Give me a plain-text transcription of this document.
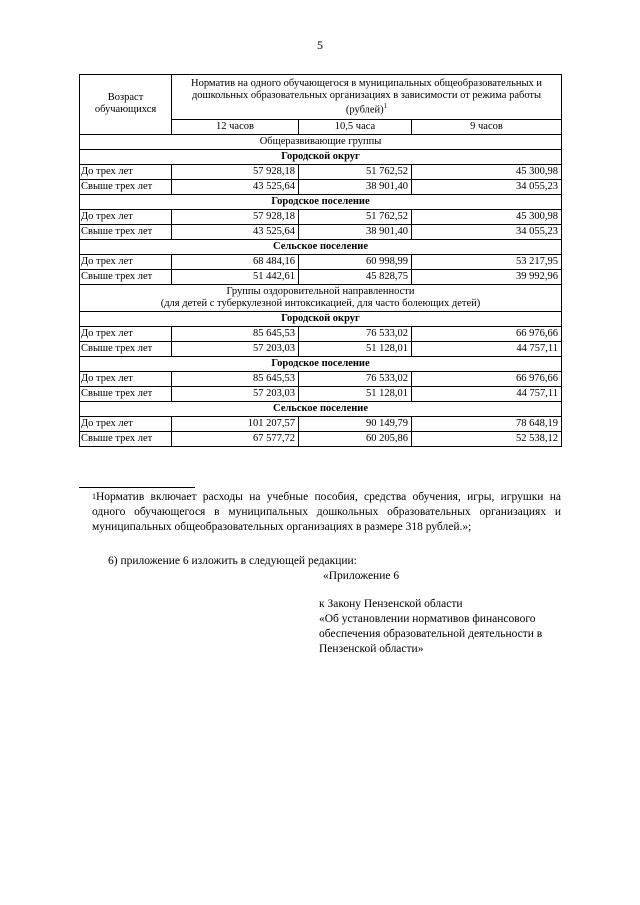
5
Возраст обучающихся	Норматив на одного обучающегося в муниципальных общеобразовательных и дошкольных образовательных организациях в зависимости от режима работы (рублей)$^1$
	12 часов	10,5 часа	9 часов

Общеразвивающие группы			

Городской округ			
До трех лет	57 928,18	51 762,52	45 300,98
Свыше трех лет	43 525,64	38 901,40	34 055,23
Городское поселение			
До трех лет	57 928,18	51 762,52	45 300,98
Свыше трех лет	43 525,64	38 901,40	34 055,23
Сельское поселение			
До трех лет	68 484,16	60 998,99	53 217,95
Свыше трех лет	51 442,61	45 828,75	39 992,96

Группы оздоровительной направленности
(для детей с туберкулезной интоксикацией, для часто болеющих детей)			

Городской округ			
До трех лет	85 645,53	76 533,02	66 976,66
Свыше трех лет	57 203,03	51 128,01	44 757,11
Городское поселение			
До трех лет	85 645,53	76 533,02	66 976,66
Свыше трех лет	57 203,03	51 128,01	44 757,11
Сельское поселение			
До трех лет	101 207,57	90 149,79	78 648,19
Свыше трех лет	67 577,72	60 205,86	52 538,12
$^1$Норматив включает расходы на учебные пособия, средства обучения, игры, игрушки на одного обучающегося в муниципальных дошкольных образовательных организациях и муниципальных общеобразовательных организациях в размере 318 рублей.»;
6) приложение 6 изложить в следующей редакции:
«Приложение 6
к Закону Пензенской области
«Об установлении нормативов финансового обеспечения образовательной деятельности в Пензенской области»
